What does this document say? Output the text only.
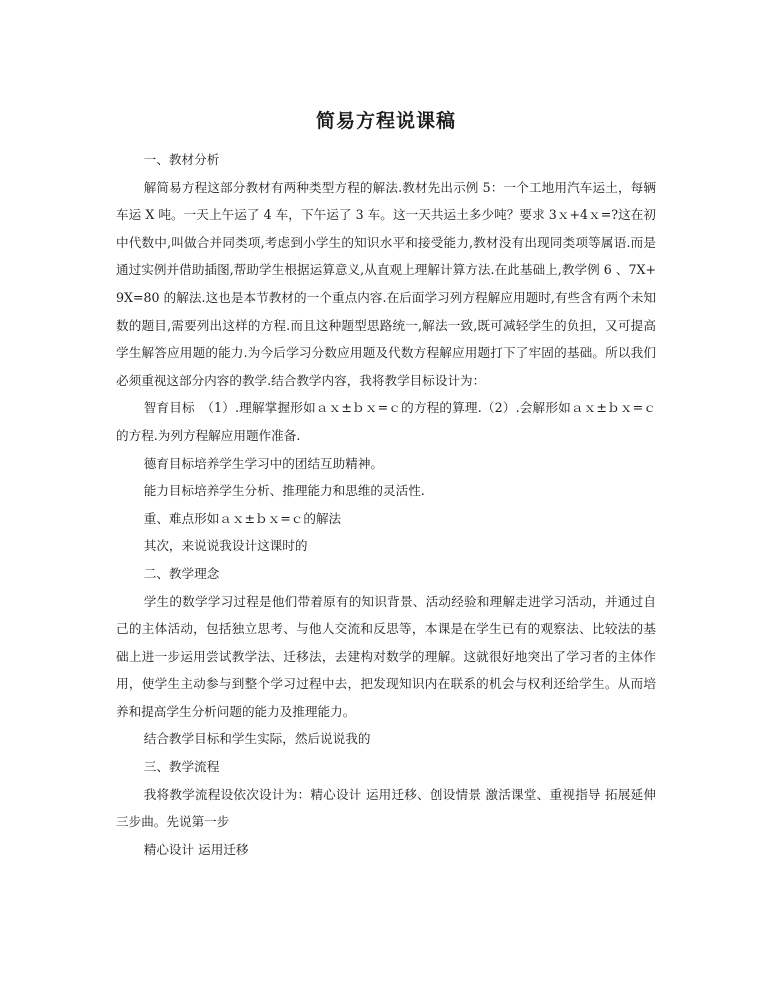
简易方程说课稿

一、教材分析

解简易方程这部分教材有两种类型方程的解法.教材先出示例 5：一个工地用汽车运土，每辆车运 X 吨。一天上午运了 4 车，下午运了 3 车。这一天共运土多少吨？要求 3ｘ+4ｘ=?这在初中代数中,叫做合并同类项,考虑到小学生的知识水平和接受能力,教材没有出现同类项等属语.而是通过实例并借助插图,帮助学生根据运算意义,从直观上理解计算方法.在此基础上,教学例 6 、7X+9X=80 的解法.这也是本节教材的一个重点内容.在后面学习列方程解应用题时,有些含有两个未知数的题目,需要列出这样的方程.而且这种题型思路统一,解法一致,既可减轻学生的负担，又可提高学生解答应用题的能力.为今后学习分数应用题及代数方程解应用题打下了牢固的基础。所以我们必须重视这部分内容的教学.结合教学内容，我将教学目标设计为：

智育目标　（1）.理解掌握形如ａｘ±ｂｘ=ｃ的方程的算理.（2）.会解形如ａｘ±ｂｘ=ｃ的方程.为列方程解应用题作准备.

德育目标培养学生学习中的团结互助精神。

能力目标培养学生分析、推理能力和思维的灵活性.

重、难点形如ａｘ±ｂｘ=ｃ的解法

其次，来说说我设计这课时的

二、教学理念

学生的数学学习过程是他们带着原有的知识背景、活动经验和理解走进学习活动，并通过自己的主体活动，包括独立思考、与他人交流和反思等，本课是在学生已有的观察法、比较法的基础上进一步运用尝试教学法、迁移法，去建构对数学的理解。这就很好地突出了学习者的主体作用，使学生主动参与到整个学习过程中去，把发现知识内在联系的机会与权利还给学生。从而培养和提高学生分析问题的能力及推理能力。

结合教学目标和学生实际，然后说说我的

三、教学流程

我将教学流程设依次设计为：精心设计 运用迁移、创设情景 激活课堂、重视指导 拓展延伸三步曲。先说第一步

精心设计 运用迁移
